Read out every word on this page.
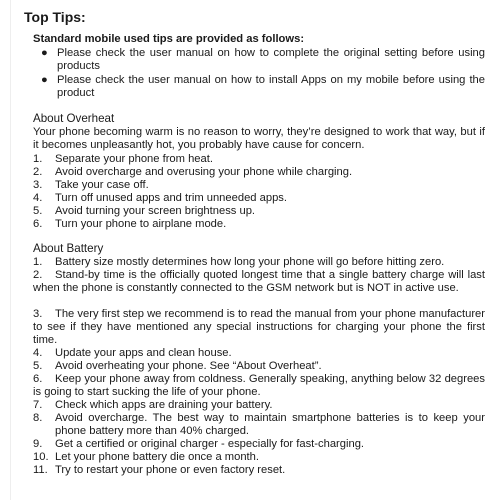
Top Tips:
Standard mobile used tips are provided as follows:
● Please check the user manual on how to complete the original setting before using products
● Please check the user manual on how to install Apps on my mobile before using the product
About Overheat
Your phone becoming warm is no reason to worry, they’re designed to work that way, but if it becomes unpleasantly hot, you probably have cause for concern.
1. Separate your phone from heat.
2. Avoid overcharge and overusing your phone while charging.
3. Take your case off.
4. Turn off unused apps and trim unneeded apps.
5. Avoid turning your screen brightness up.
6. Turn your phone to airplane mode.
About Battery
1. Battery size mostly determines how long your phone will go before hitting zero.
2.	Stand-by time is the officially quoted longest time that a single battery charge will last when the phone is constantly connected to the GSM network but is NOT in active use.
3.	The very first step we recommend is to read the manual from your phone manufacturer to see if they have mentioned any special instructions for charging your phone the first time.
4. Update your apps and clean house.
5. Avoid overheating your phone. See “About Overheat”.
6.	Keep your phone away from coldness. Generally speaking, anything below 32 degrees is going to start sucking the life of your phone.
7. Check which apps are draining your battery.
8. Avoid overcharge. The best way to maintain smartphone batteries is to keep your phone battery more than 40% charged.
9. Get a certified or original charger - especially for fast-charging.
10. Let your phone battery die once a month.
11. Try to restart your phone or even factory reset.
